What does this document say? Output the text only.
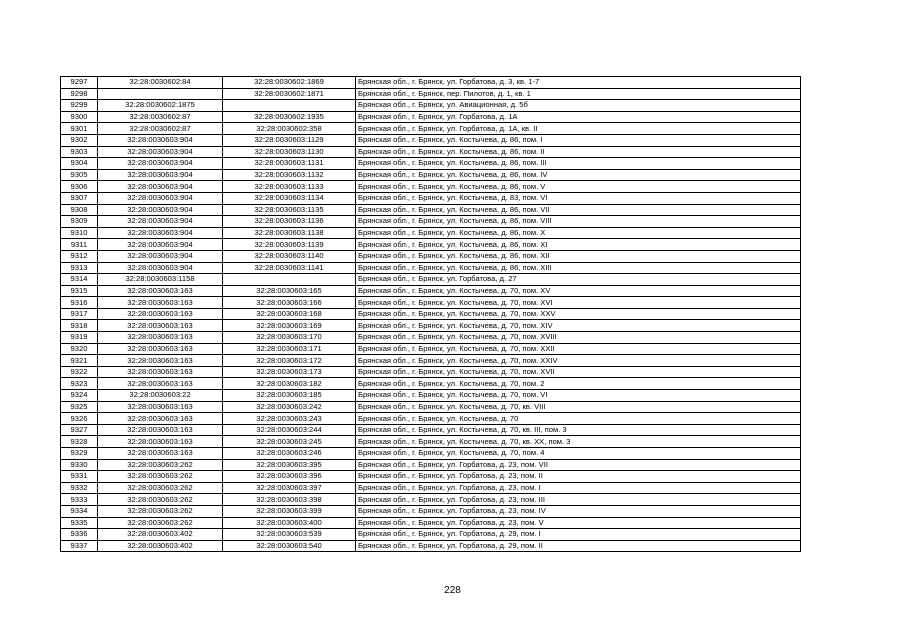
9297	32:28:0030602:84	32:28:0030602:1869	Брянская обл., г. Брянск, ул. Горбатова, д. 3, кв. 1-7
9298		32:28:0030602:1871	Брянская обл., г. Брянск, пер. Пилотов, д. 1, кв. 1
9299	32:28:0030602:1875		Брянская обл., г. Брянск, ул. Авиационная, д. 5б
9300	32:28:0030602:87	32:28:0030602:1935	Брянская обл., г. Брянск, ул. Горбатова, д. 1А
9301	32:28:0030602:87	32:28:0030602:358	Брянская обл., г. Брянск, ул. Горбатова, д. 1А, кв. II
9302	32:28:0030603:904	32:28:0030603:1129	Брянская обл., г. Брянск, ул. Костычева, д. 86, пом. I
9303	32:28:0030603:904	32:28:0030603:1130	Брянская обл., г. Брянск, ул. Костычева, д. 86, пом. II
9304	32:28:0030603:904	32:28:0030603:1131	Брянская обл., г. Брянск, ул. Костычева, д. 86, пом. III
9305	32:28:0030603:904	32:28:0030603:1132	Брянская обл., г. Брянск, ул. Костычева, д. 86, пом. IV
9306	32:28:0030603:904	32:28:0030603:1133	Брянская обл., г. Брянск, ул. Костычева, д. 86, пом. V
9307	32:28:0030603:904	32:28:0030603:1134	Брянская обл., г. Брянск, ул. Костычева, д. 83, пом. VI
9308	32:28:0030603:904	32:28:0030603:1135	Брянская обл., г. Брянск, ул. Костычева, д. 86, пом. VII
9309	32:28:0030603:904	32:28:0030603:1136	Брянская обл., г. Брянск, ул. Костычева, д. 86, пом. VIII
9310	32:28:0030603:904	32:28:0030603:1138	Брянская обл., г. Брянск, ул. Костычева, д. 86, пом. X
9311	32:28:0030603:904	32:28:0030603:1139	Брянская обл., г. Брянск, ул. Костычева, д. 86, пом. XI
9312	32:28:0030603:904	32:28:0030603:1140	Брянская обл., г. Брянск, ул. Костычева, д. 86, пом. XII
9313	32:28:0030603:904	32:28:0030603:1141	Брянская обл., г. Брянск, ул. Костычева, д. 86, пом. XIII
9314	32:28:0030603:1158		Брянская обл., г. Брянск, ул. Горбатова, д. 27
9315	32:28:0030603:163	32:28:0030603:165	Брянская обл., г. Брянск, ул. Костычева, д. 70, пом. XV
9316	32:28:0030603:163	32:28:0030603:166	Брянская обл., г. Брянск, ул. Костычева, д. 70, пом. XVI
9317	32:28:0030603:163	32:28:0030603:168	Брянская обл., г. Брянск, ул. Костычева, д. 70, пом. XXV
9318	32:28:0030603:163	32:28:0030603:169	Брянская обл., г. Брянск, ул. Костычева, д. 70, пом. XIV
9319	32:28:0030603:163	32:28:0030603:170	Брянская обл., г. Брянск, ул. Костычева, д. 70, пом. XVIII
9320	32:28:0030603:163	32:28:0030603:171	Брянская обл., г. Брянск, ул. Костычева, д. 70, пом. XXII
9321	32:28:0030603:163	32:28:0030603:172	Брянская обл., г. Брянск, ул. Костычева, д. 70, пом. XXIV
9322	32:28:0030603:163	32:28:0030603:173	Брянская обл., г. Брянск, ул. Костычева, д. 70, пом. XVII
9323	32:28:0030603:163	32:28:0030603:182	Брянская обл., г. Брянск, ул. Костычева, д. 70, пом. 2
9324	32:28:0030603:22	32:28:0030603:185	Брянская обл., г. Брянск, ул. Костычева, д. 70, пом. VI
9325	32:28:0030603:163	32:28:0030603:242	Брянская обл., г. Брянск, ул. Костычева, д. 70, кв. VIII
9326	32:28:0030603:163	32:28:0030603:243	Брянская обл., г. Брянск, ул. Костычева, д. 70
9327	32:28:0030603:163	32:28:0030603:244	Брянская обл., г. Брянск, ул. Костычева, д. 70, кв. III, пом. 3
9328	32:28:0030603:163	32:28:0030603:245	Брянская обл., г. Брянск, ул. Костычева, д. 70, кв. XX, пом. 3
9329	32:28:0030603:163	32:28:0030603:246	Брянская обл., г. Брянск, ул. Костычева, д. 70, пом. 4
9330	32:28:0030603:262	32:28:0030603:395	Брянская обл., г. Брянск, ул. Горбатова, д. 23, пом. VII
9331	32:28:0030603:262	32:28:0030603:396	Брянская обл., г. Брянск, ул. Горбатова, д. 23, пом. II
9332	32:28:0030603:262	32:28:0030603:397	Брянская обл., г. Брянск, ул. Горбатова, д. 23, пом. I
9333	32:28:0030603:262	32:28:0030603:398	Брянская обл., г. Брянск, ул. Горбатова, д. 23, пом. III
9334	32:28:0030603:262	32:28:0030603:399	Брянская обл., г. Брянск, ул. Горбатова, д. 23, пом. IV
9335	32:28:0030603:262	32:28:0030603:400	Брянская обл., г. Брянск, ул. Горбатова, д. 23, пом. V
9336	32:28:0030603:402	32:28:0030603:539	Брянская обл., г. Брянск, ул. Горбатова, д. 29, пом. I
9337	32:28:0030603:402	32:28:0030603:540	Брянская обл., г. Брянск, ул. Горбатова, д. 29, пом. II
228
